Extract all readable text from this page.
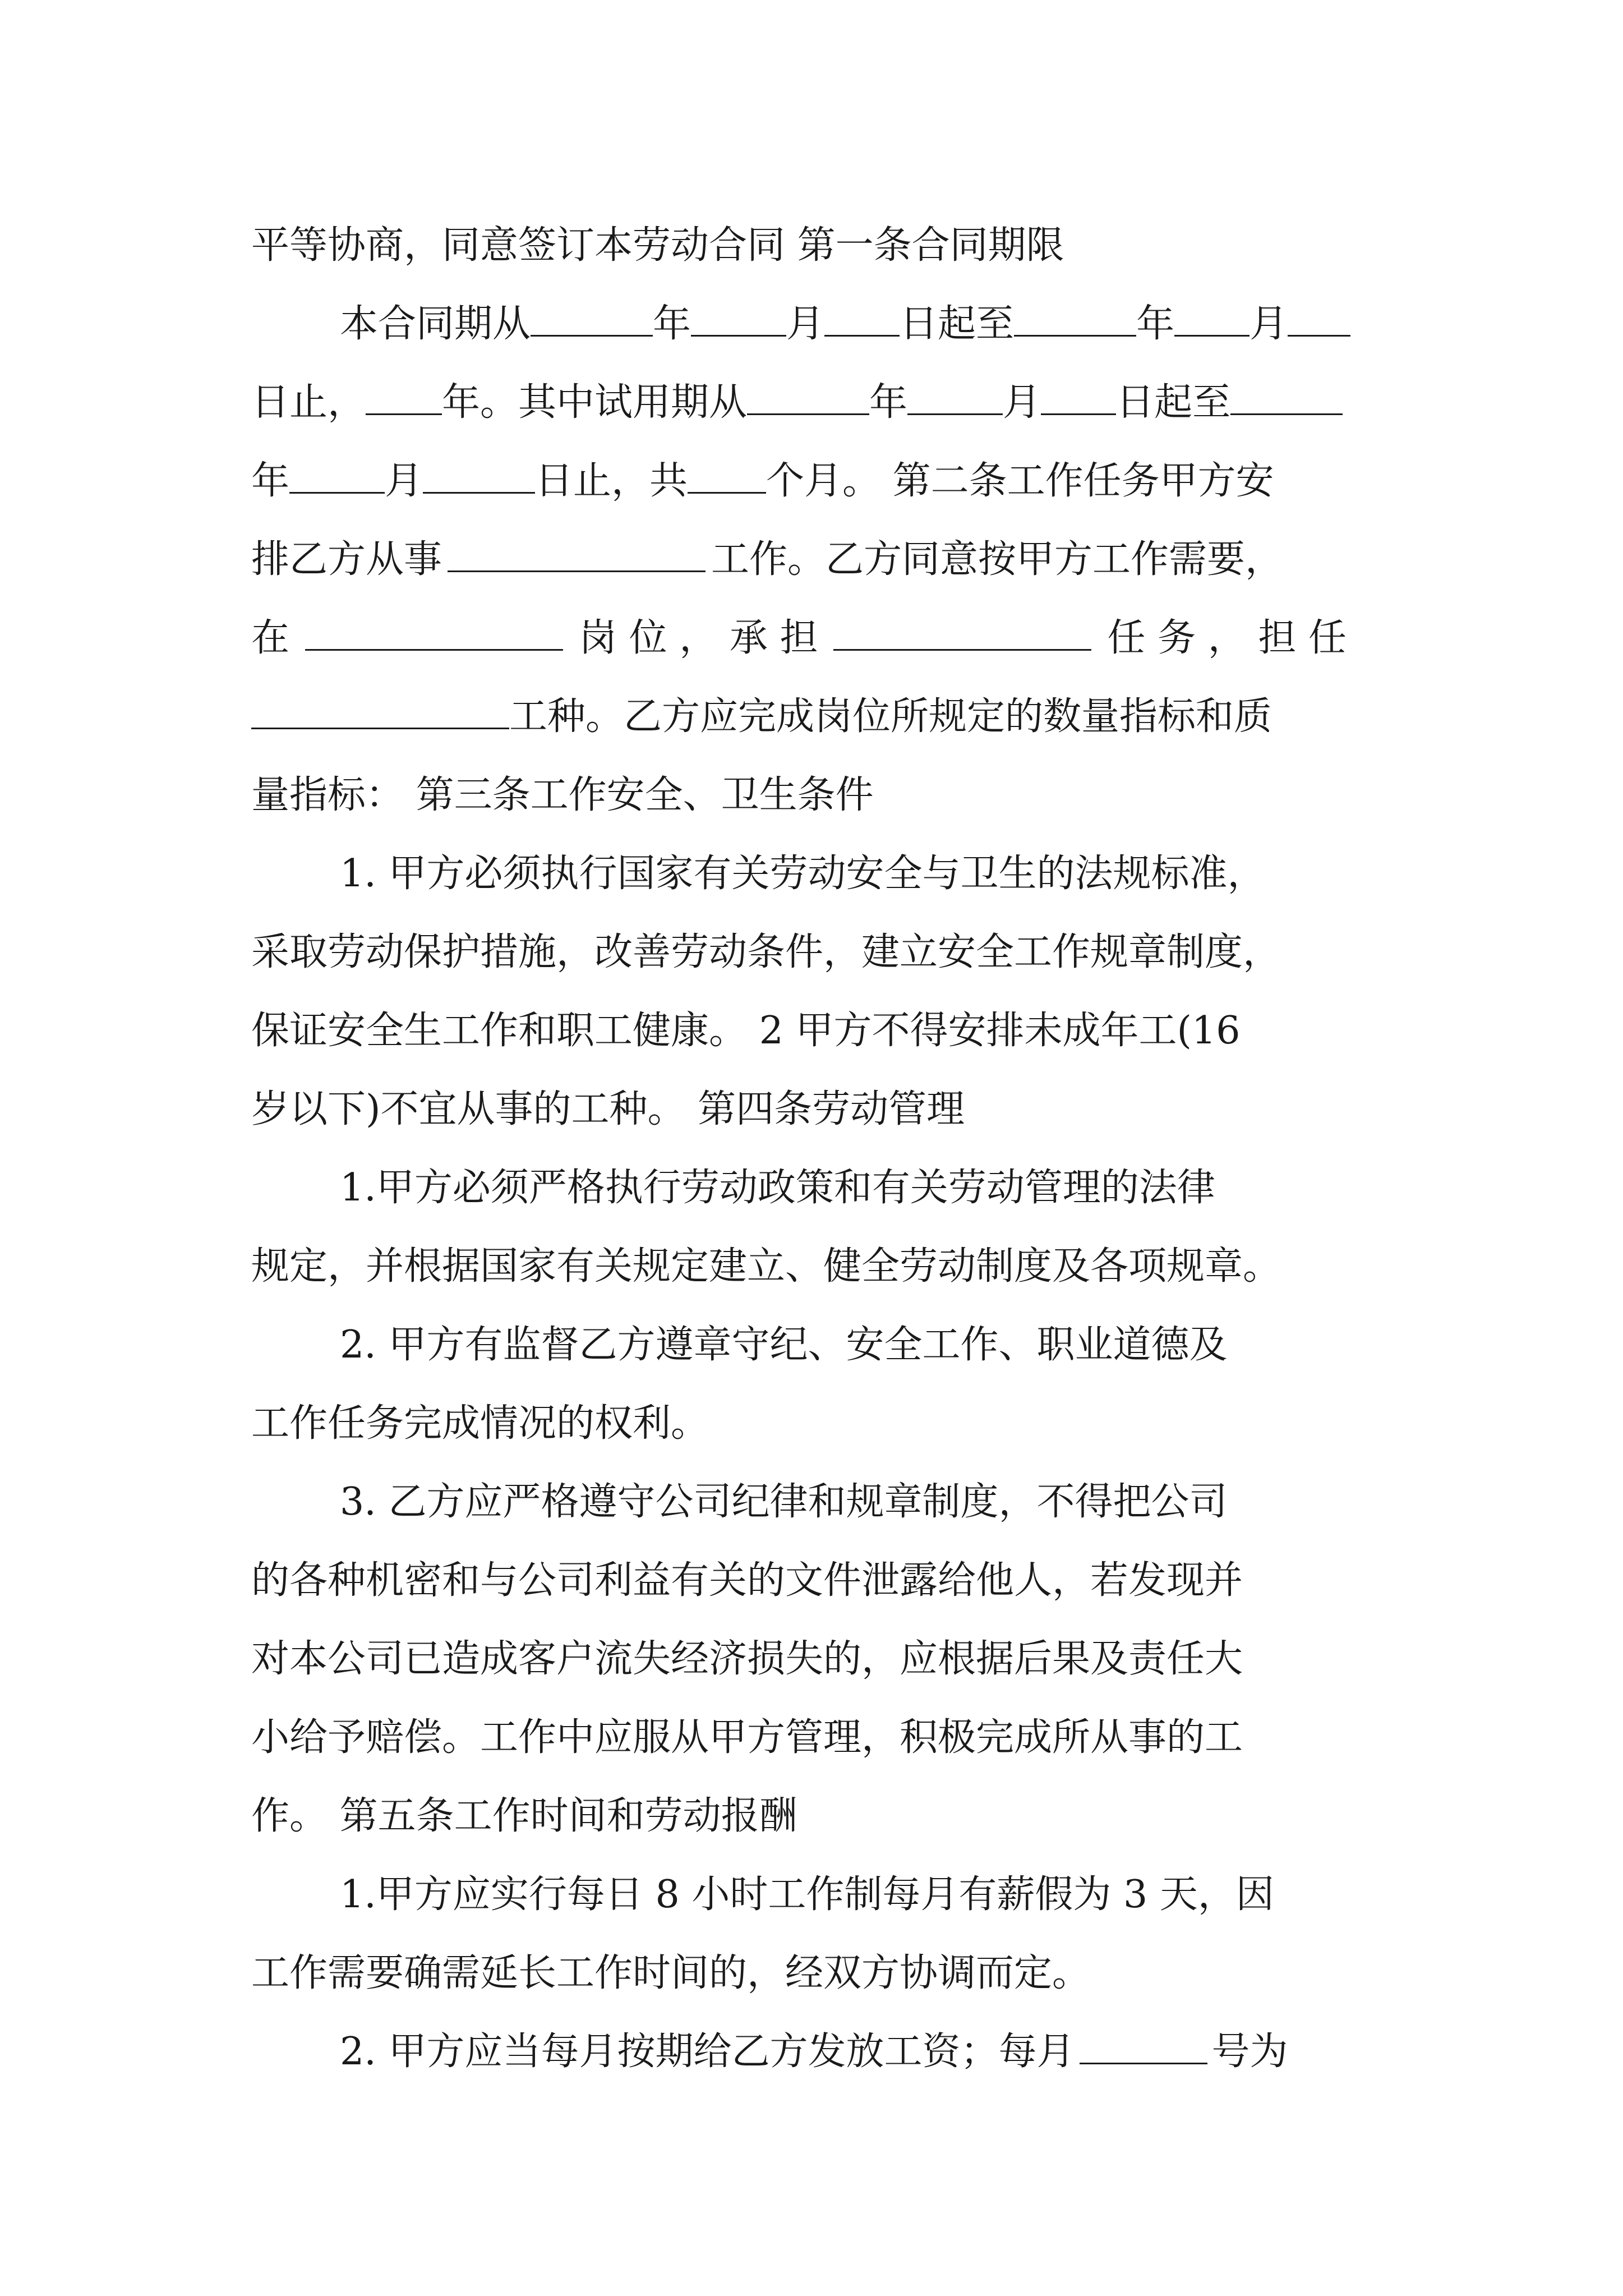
平等协商，同意签订本劳动合同 第一条合同期限
本合同期从	年	月 日起至	年 月
日止， 年。其中试用期从	年	月 日起至
年	月	日止，共 个月。 第二条工作任务甲方安
排乙方从事	工作。乙方同意按甲方工作需要，
在	岗 位 ， 承 担	任 务 ， 担 任
工种。乙方应完成岗位所规定的数量指标和质
量指标： 第三条工作安全、卫生条件
1. 甲方必须执行国家有关劳动安全与卫生的法规标准，
采取劳动保护措施，改善劳动条件，建立安全工作规章制度，
保证安全生工作和职工健康。 2 甲方不得安排未成年工(16
岁以下)不宜从事的工种。 第四条劳动管理
1.甲方必须严格执行劳动政策和有关劳动管理的法律
规定，并根据国家有关规定建立、健全劳动制度及各项规章。
2. 甲方有监督乙方遵章守纪、安全工作、职业道德及
工作任务完成情况的权利。
3. 乙方应严格遵守公司纪律和规章制度，不得把公司
的各种机密和与公司利益有关的文件泄露给他人，若发现并
对本公司已造成客户流失经济损失的，应根据后果及责任大
小给予赔偿。工作中应服从甲方管理，积极完成所从事的工
作。 第五条工作时间和劳动报酬
1.甲方应实行每日 8 小时工作制每月有薪假为 3 天，因
工作需要确需延长工作时间的，经双方协调而定。
2. 甲方应当每月按期给乙方发放工资；每月	号为
